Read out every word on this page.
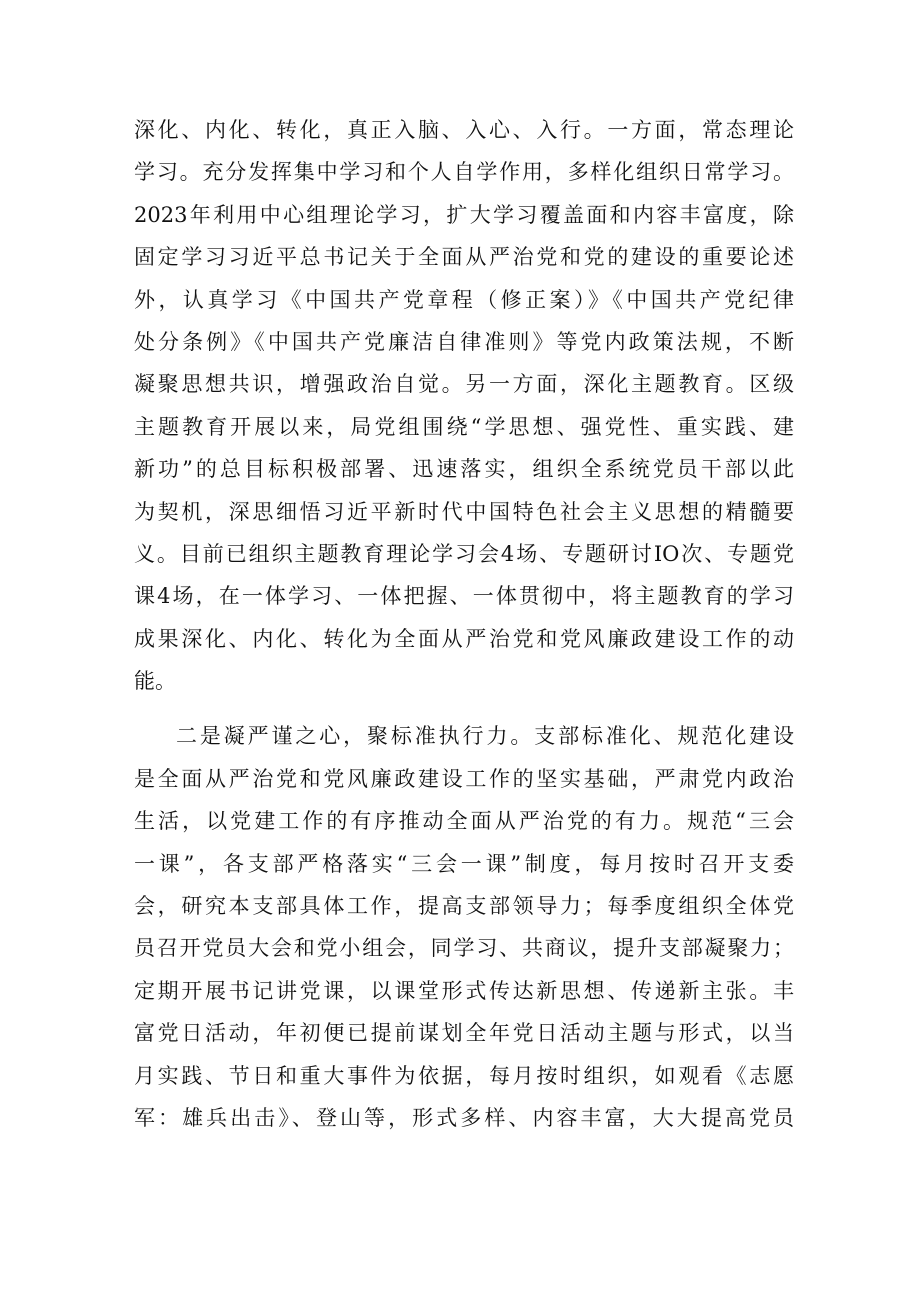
深化、内化、转化，真正入脑、入心、入行。一方面，常态理论
学习。充分发挥集中学习和个人自学作用，多样化组织日常学习。
2023年利用中心组理论学习，扩大学习覆盖面和内容丰富度，除
固定学习习近平总书记关于全面从严治党和党的建设的重要论述
外，认真学习《中国共产党章程（修正案）》《中国共产党纪律
处分条例》《中国共产党廉洁自律准则》等党内政策法规，不断
凝聚思想共识，增强政治自觉。另一方面，深化主题教育。区级
主题教育开展以来，局党组围绕“学思想、强党性、重实践、建
新功”的总目标积极部署、迅速落实，组织全系统党员干部以此
为契机，深思细悟习近平新时代中国特色社会主义思想的精髓要
义。目前已组织主题教育理论学习会4场、专题研讨IO次、专题党
课4场，在一体学习、一体把握、一体贯彻中，将主题教育的学习
成果深化、内化、转化为全面从严治党和党风廉政建设工作的动
能。
二是凝严谨之心，聚标准执行力。支部标准化、规范化建设
是全面从严治党和党风廉政建设工作的坚实基础，严肃党内政治
生活，以党建工作的有序推动全面从严治党的有力。规范“三会
一课”，各支部严格落实“三会一课”制度，每月按时召开支委
会，研究本支部具体工作，提高支部领导力；每季度组织全体党
员召开党员大会和党小组会，同学习、共商议，提升支部凝聚力；
定期开展书记讲党课，以课堂形式传达新思想、传递新主张。丰
富党日活动，年初便已提前谋划全年党日活动主题与形式，以当
月实践、节日和重大事件为依据，每月按时组织，如观看《志愿
军：雄兵出击》、登山等，形式多样、内容丰富，大大提高党员
